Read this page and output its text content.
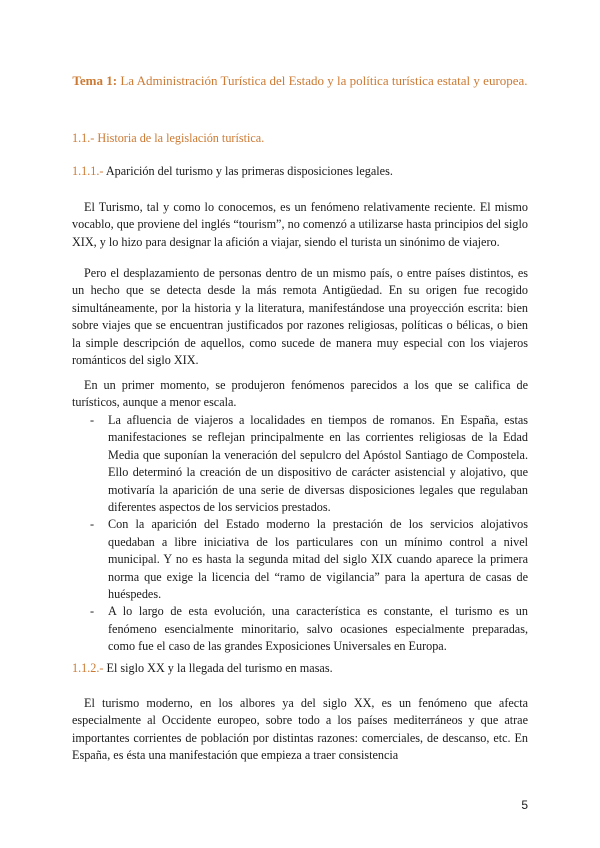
Tema 1: La Administración Turística del Estado y la política turística estatal y europea.
1.1.- Historia de la legislación turística.
1.1.1.- Aparición del turismo y las primeras disposiciones legales.
El Turismo, tal y como lo conocemos, es un fenómeno relativamente reciente. El mismo vocablo, que proviene del inglés “tourism”, no comenzó a utilizarse hasta principios del siglo XIX, y lo hizo para designar la afición a viajar, siendo el turista un sinónimo de viajero.
Pero el desplazamiento de personas dentro de un mismo país, o entre países distintos, es un hecho que se detecta desde la más remota Antigüedad. En su origen fue recogido simultáneamente, por la historia y la literatura, manifestándose una proyección escrita: bien sobre viajes que se encuentran justificados por razones religiosas, políticas o bélicas, o bien la simple descripción de aquellos, como sucede de manera muy especial con los viajeros románticos del siglo XIX.
En un primer momento, se produjeron fenómenos parecidos a los que se califica de turísticos, aunque a menor escala.
- La afluencia de viajeros a localidades en tiempos de romanos. En España, estas manifestaciones se reflejan principalmente en las corrientes religiosas de la Edad Media que suponían la veneración del sepulcro del Apóstol Santiago de Compostela. Ello determinó la creación de un dispositivo de carácter asistencial y alojativo, que motivaría la aparición de una serie de diversas disposiciones legales que regulaban diferentes aspectos de los servicios prestados.
- Con la aparición del Estado moderno la prestación de los servicios alojativos quedaban a libre iniciativa de los particulares con un mínimo control a nivel municipal. Y no es hasta la segunda mitad del siglo XIX cuando aparece la primera norma que exige la licencia del “ramo de vigilancia” para la apertura de casas de huéspedes.
- A lo largo de esta evolución, una característica es constante, el turismo es un fenómeno esencialmente minoritario, salvo ocasiones especialmente preparadas, como fue el caso de las grandes Exposiciones Universales en Europa.
1.1.2.- El siglo XX y la llegada del turismo en masas.
El turismo moderno, en los albores ya del siglo XX, es un fenómeno que afecta especialmente al Occidente europeo, sobre todo a los países mediterráneos y que atrae importantes corrientes de población por distintas razones: comerciales, de descanso, etc. En España, es ésta una manifestación que empieza a traer consistencia
5
